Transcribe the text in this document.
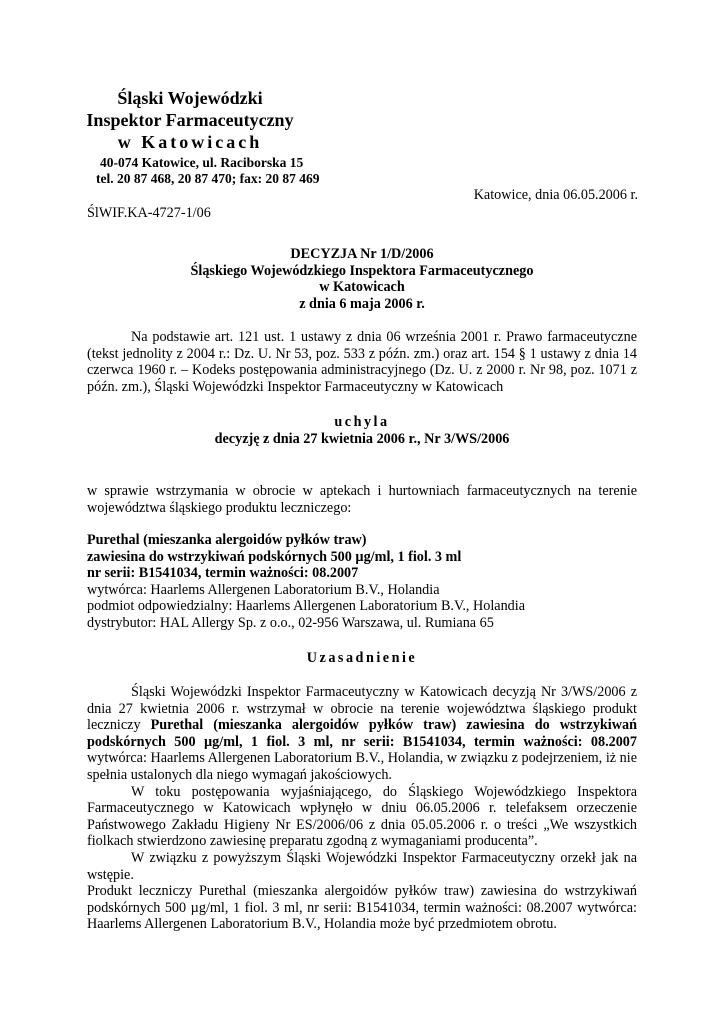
Śląski Wojewódzki
Inspektor Farmaceutyczny
w Katowicach
40-074 Katowice, ul. Raciborska 15
tel. 20 87 468, 20 87 470; fax: 20 87 469
Katowice, dnia 06.05.2006 r.
ŚlWIF.KA-4727-1/06
DECYZJA Nr 1/D/2006
Śląskiego Wojewódzkiego Inspektora Farmaceutycznego
w Katowicach
z dnia 6 maja 2006 r.

Na podstawie art. 121 ust. 1 ustawy z dnia 06 września 2001 r. Prawo farmaceutyczne (tekst jednolity z 2004 r.: Dz. U. Nr 53, poz. 533 z późn. zm.) oraz art. 154 § 1 ustawy z dnia 14 czerwca 1960 r. – Kodeks postępowania administracyjnego (Dz. U. z 2000 r. Nr 98, poz. 1071 z późn. zm.), Śląski Wojewódzki Inspektor Farmaceutyczny w Katowicach

uchyla
decyzję z dnia 27 kwietnia 2006 r., Nr 3/WS/2006

w sprawie wstrzymania w obrocie w aptekach i hurtowniach farmaceutycznych na terenie województwa śląskiego produktu leczniczego:

Purethal (mieszanka alergoidów pyłków traw)
zawiesina do wstrzykiwań podskórnych 500 µg/ml, 1 fiol. 3 ml
nr serii: B1541034, termin ważności: 08.2007
wytwórca: Haarlems Allergenen Laboratorium B.V., Holandia
podmiot odpowiedzialny: Haarlems Allergenen Laboratorium B.V., Holandia
dystrybutor: HAL Allergy Sp. z o.o., 02-956 Warszawa, ul. Rumiana 65
Uzasadnienie

Śląski Wojewódzki Inspektor Farmaceutyczny w Katowicach decyzją Nr 3/WS/2006 z dnia 27 kwietnia 2006 r. wstrzymał w obrocie na terenie województwa śląskiego produkt leczniczy Purethal (mieszanka alergoidów pyłków traw) zawiesina do wstrzykiwań podskórnych 500 µg/ml, 1 fiol. 3 ml, nr serii: B1541034, termin ważności: 08.2007 wytwórca: Haarlems Allergenen Laboratorium B.V., Holandia, w związku z podejrzeniem, iż nie spełnia ustalonych dla niego wymagań jakościowych.

W toku postępowania wyjaśniającego, do Śląskiego Wojewódzkiego Inspektora Farmaceutycznego w Katowicach wpłynęło w dniu 06.05.2006 r. telefaksem orzeczenie Państwowego Zakładu Higieny Nr ES/2006/06 z dnia 05.05.2006 r. o treści „We wszystkich fiolkach stwierdzono zawiesinę preparatu zgodną z wymaganiami producenta”.

W związku z powyższym Śląski Wojewódzki Inspektor Farmaceutyczny orzekł jak na wstępie.

Produkt leczniczy Purethal (mieszanka alergoidów pyłków traw) zawiesina do wstrzykiwań podskórnych 500 µg/ml, 1 fiol. 3 ml, nr serii: B1541034, termin ważności: 08.2007 wytwórca: Haarlems Allergenen Laboratorium B.V., Holandia może być przedmiotem obrotu.
